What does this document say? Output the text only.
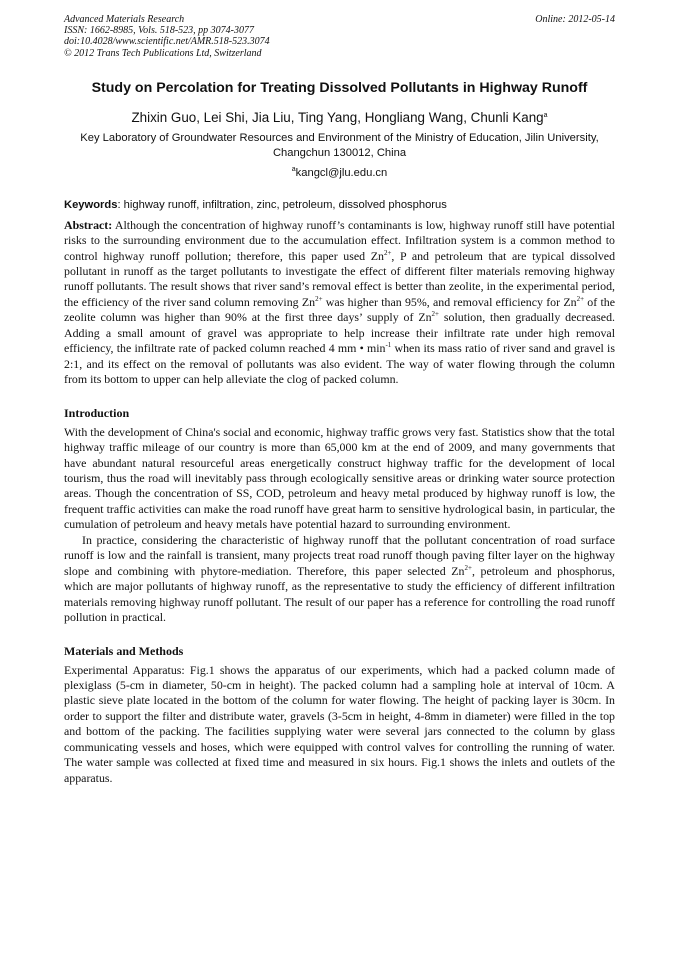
Advanced Materials Research
ISSN: 1662-8985, Vols. 518-523, pp 3074-3077
doi:10.4028/www.scientific.net/AMR.518-523.3074
© 2012 Trans Tech Publications Ltd, Switzerland
Online: 2012-05-14
Study on Percolation for Treating Dissolved Pollutants in Highway Runoff
Zhixin Guo, Lei Shi, Jia Liu, Ting Yang, Hongliang Wang, Chunli Kang$^a$
Key Laboratory of Groundwater Resources and Environment of the Ministry of Education, Jilin University, Changchun 130012, China
$^a$kangcl@jlu.edu.cn
Keywords: highway runoff, infiltration, zinc, petroleum, dissolved phosphorus

Abstract: Although the concentration of highway runoff’s contaminants is low, highway runoff still have potential risks to the surrounding environment due to the accumulation effect. Infiltration system is a common method to control highway runoff pollution; therefore, this paper used $Zn^{2+}$, P and petroleum that are typical dissolved pollutant in runoff as the target pollutants to investigate the effect of different filter materials removing highway runoff pollutants. The result shows that river sand’s removal effect is better than zeolite, in the experimental period, the efficiency of the river sand column removing $Zn^{2+}$ was higher than 95%, and removal efficiency for $Zn^{2+}$ of the zeolite column was higher than 90% at the first three days’ supply of $Zn^{2+}$ solution, then gradually decreased. Adding a small amount of gravel was appropriate to help increase their infiltrate rate under high removal efficiency, the infiltrate rate of packed column reached 4 mm • $\min^{-1}$ when its mass ratio of river sand and gravel is 2:1, and its effect on the removal of pollutants was also evident. The way of water flowing through the column from its bottom to upper can help alleviate the clog of packed column.

Introduction

With the development of China's social and economic, highway traffic grows very fast. Statistics show that the total highway traffic mileage of our country is more than 65,000 km at the end of 2009, and many governments that have abundant natural resourceful areas energetically construct highway traffic for the development of local tourism, thus the road will inevitably pass through ecologically sensitive areas or drinking water source protection areas. Though the concentration of SS, COD, petroleum and heavy metal produced by highway runoff is low, the frequent traffic activities can make the road runoff have great harm to sensitive hydrological basin, in particular, the cumulation of petroleum and heavy metals have potential hazard to surrounding environment.

In practice, considering the characteristic of highway runoff that the pollutant concentration of road surface runoff is low and the rainfall is transient, many projects treat road runoff though paving filter layer on the highway slope and combining with phytore-mediation. Therefore, this paper selected $Zn^{2+}$, petroleum and phosphorus, which are major pollutants of highway runoff, as the representative to study the efficiency of different infiltration materials removing highway runoff pollutant. The result of our paper has a reference for controlling the road runoff pollution in practical.

Materials and Methods

Experimental Apparatus: Fig.1 shows the apparatus of our experiments, which had a packed column made of plexiglass (5-cm in diameter, 50-cm in height). The packed column had a sampling hole at interval of 10cm. A plastic sieve plate located in the bottom of the column for water flowing. The height of packing layer is 30cm. In order to support the filter and distribute water, gravels (3-5cm in height, 4-8mm in diameter) were filled in the top and bottom of the packing. The facilities supplying water were several jars connected to the column by glass communicating vessels and hoses, which were equipped with control valves for controlling the running of water. The water sample was collected at fixed time and measured in six hours. Fig.1 shows the inlets and outlets of the apparatus.
